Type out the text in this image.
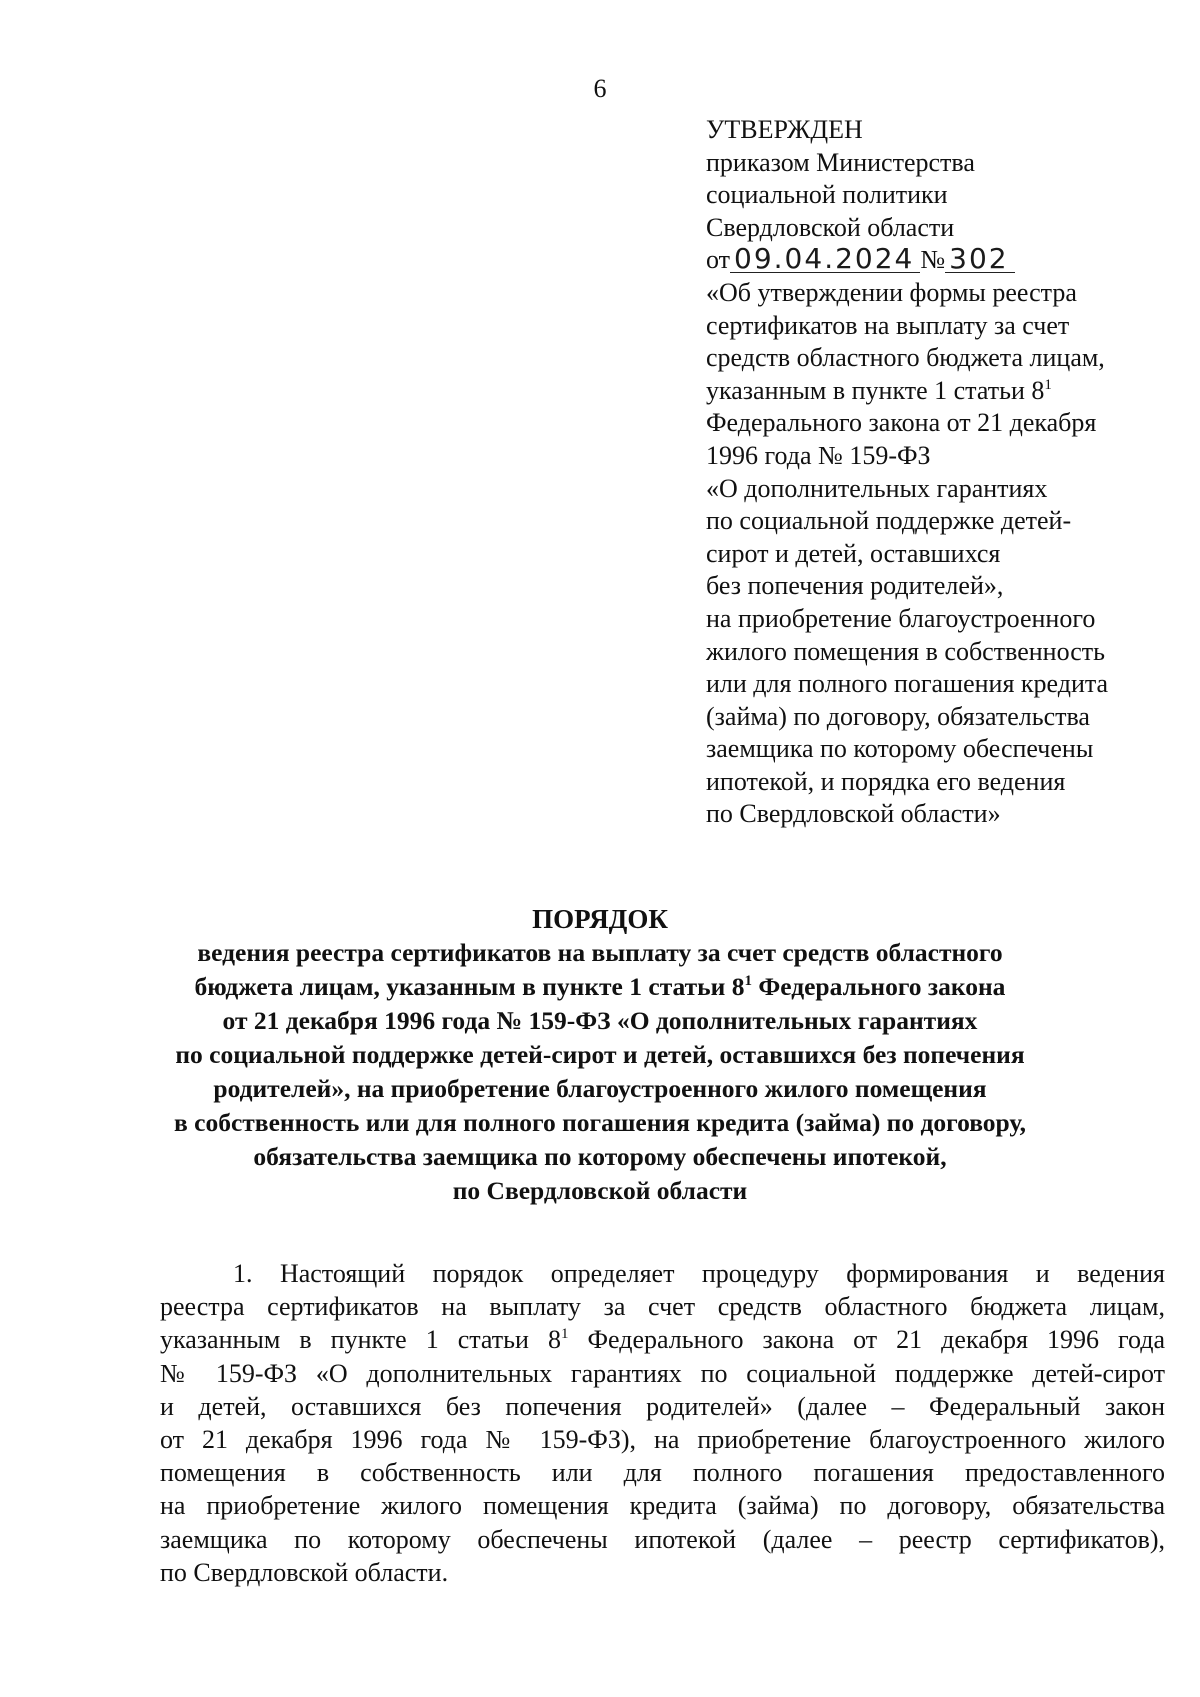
6
УТВЕРЖДЕН
приказом Министерства
социальной политики
Свердловской области
от 09.04.2024 № 302
«Об утверждении формы реестра
сертификатов на выплату за счет
средств областного бюджета лицам,
указанным в пункте 1 статьи $8^1$
Федерального закона от 21 декабря
1996 года № 159-ФЗ
«О дополнительных гарантиях
по социальной поддержке детей-
сирот и детей, оставшихся
без попечения родителей»,
на приобретение благоустроенного
жилого помещения в собственность
или для полного погашения кредита
(займа) по договору, обязательства
заемщика по которому обеспечены
ипотекой, и порядка его ведения
по Свердловской области»
ПОРЯДОК
ведения реестра сертификатов на выплату за счет средств областного
бюджета лицам, указанным в пункте 1 статьи $8^1$ Федерального закона
от 21 декабря 1996 года № 159-ФЗ «О дополнительных гарантиях
по социальной поддержке детей-сирот и детей, оставшихся без попечения
родителей», на приобретение благоустроенного жилого помещения
в собственность или для полного погашения кредита (займа) по договору,
обязательства заемщика по которому обеспечены ипотекой,
по Свердловской области
1. Настоящий порядок определяет процедуру формирования и ведения
реестра сертификатов на выплату за счет средств областного бюджета лицам,
указанным в пункте 1 статьи $8^1$ Федерального закона от 21 декабря 1996 года
№ 159-ФЗ «О дополнительных гарантиях по социальной поддержке детей-сирот
и детей, оставшихся без попечения родителей» (далее – Федеральный закон
от 21 декабря 1996 года № 159-ФЗ), на приобретение благоустроенного жилого
помещения в собственность или для полного погашения предоставленного
на приобретение жилого помещения кредита (займа) по договору, обязательства
заемщика по которому обеспечены ипотекой (далее – реестр сертификатов),
по Свердловской области.
